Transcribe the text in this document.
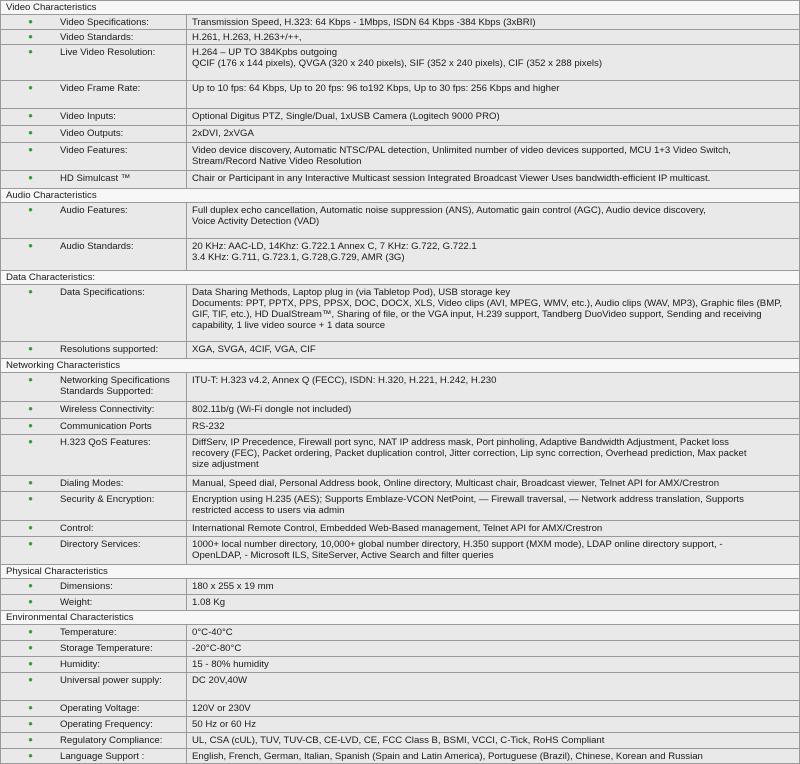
Video Characteristics
•	Video Specifications:	Transmission Speed, H.323: 64 Kbps - 1Mbps, ISDN 64 Kbps -384 Kbps (3xBRI)
•	Video Standards:	H.261, H.263, H.263+/++,
•	Live Video Resolution:	H.264 – UP TO 384Kpbs outgoing
QCIF (176 x 144 pixels), QVGA (320 x 240 pixels), SIF (352 x 240 pixels), CIF (352 x 288 pixels)
•	Video Frame Rate:	Up to 10 fps: 64 Kbps, Up to 20 fps: 96 to192 Kbps, Up to 30 fps: 256 Kbps and higher
•	Video Inputs:	Optional Digitus PTZ, Single/Dual, 1xUSB Camera (Logitech 9000 PRO)
•	Video Outputs:	2xDVI, 2xVGA
•	Video Features:	Video device discovery, Automatic NTSC/PAL detection, Unlimited number of video devices supported, MCU 1+3 Video Switch,
Stream/Record Native Video Resolution
•	HD Simulcast ™	Chair or Participant in any Interactive Multicast session Integrated Broadcast Viewer Uses bandwidth-efficient IP multicast.
Audio Characteristics
•	Audio Features:	Full duplex echo cancellation, Automatic noise suppression (ANS), Automatic gain control (AGC), Audio device discovery,
Voice Activity Detection (VAD)
•	Audio Standards:	20 KHz: AAC-LD, 14Khz: G.722.1 Annex C, 7 KHz: G.722, G.722.1
3.4 KHz: G.711, G.723.1, G.728,G.729, AMR (3G)
Data Characteristics:
•	Data Specifications:	Data Sharing Methods, Laptop plug in (via Tabletop Pod), USB storage key
Documents: PPT, PPTX, PPS, PPSX, DOC, DOCX, XLS, Video clips (AVI, MPEG, WMV, etc.), Audio clips (WAV, MP3), Graphic files (BMP,
GIF, TIF, etc.), HD DualStream™, Sharing of file, or the VGA input, H.239 support, Tandberg DuoVideo support, Sending and receiving
capability, 1 live video source + 1 data source
•	Resolutions supported:	XGA, SVGA, 4CIF, VGA, CIF
Networking Characteristics
•	Networking Specifications Standards Supported:
ITU-T: H.323 v4.2, Annex Q (FECC), ISDN: H.320, H.221, H.242, H.230
•	Wireless Connectivity:	802.11b/g (Wi-Fi dongle not included)
•	Communication Ports	RS-232
•	H.323 QoS Features:	DiffServ, IP Precedence, Firewall port sync, NAT IP address mask, Port pinholing, Adaptive Bandwidth Adjustment, Packet loss
recovery (FEC), Packet ordering, Packet duplication control, Jitter correction, Lip sync correction, Overhead prediction, Max packet
size adjustment
•	Dialing Modes:	Manual, Speed dial, Personal Address book, Online directory, Multicast chair, Broadcast viewer, Telnet API for AMX/Crestron
•	Security & Encryption:	Encryption using H.235 (AES); Supports Emblaze-VCON NetPoint, — Firewall traversal, — Network address translation, Supports
restricted access to users via admin
•	Control:	International Remote Control, Embedded Web-Based management, Telnet API for AMX/Crestron
•	Directory Services:	1000+ local number directory, 10,000+ global number directory, H.350 support (MXM mode), LDAP online directory support, -
OpenLDAP, - Microsoft ILS, SiteServer, Active Search and filter queries
Physical Characteristics
•	Dimensions:	180 x 255 x 19 mm
•	Weight:	1.08 Kg
Environmental Characteristics
•	Temperature:	0°C-40°C
•	Storage Temperature:	-20°C-80°C
•	Humidity:	15 - 80% humidity
•	Universal power supply:	DC 20V,40W
•	Operating Voltage:	120V or 230V
•	Operating Frequency:	50 Hz or 60 Hz
•	Regulatory Compliance:	UL, CSA (cUL), TUV, TUV-CB, CE-LVD, CE, FCC Class B, BSMI, VCCI, C-Tick, RoHS Compliant
•	Language Support :	English, French, German, Italian, Spanish (Spain and Latin America), Portuguese (Brazil), Chinese, Korean and Russian
